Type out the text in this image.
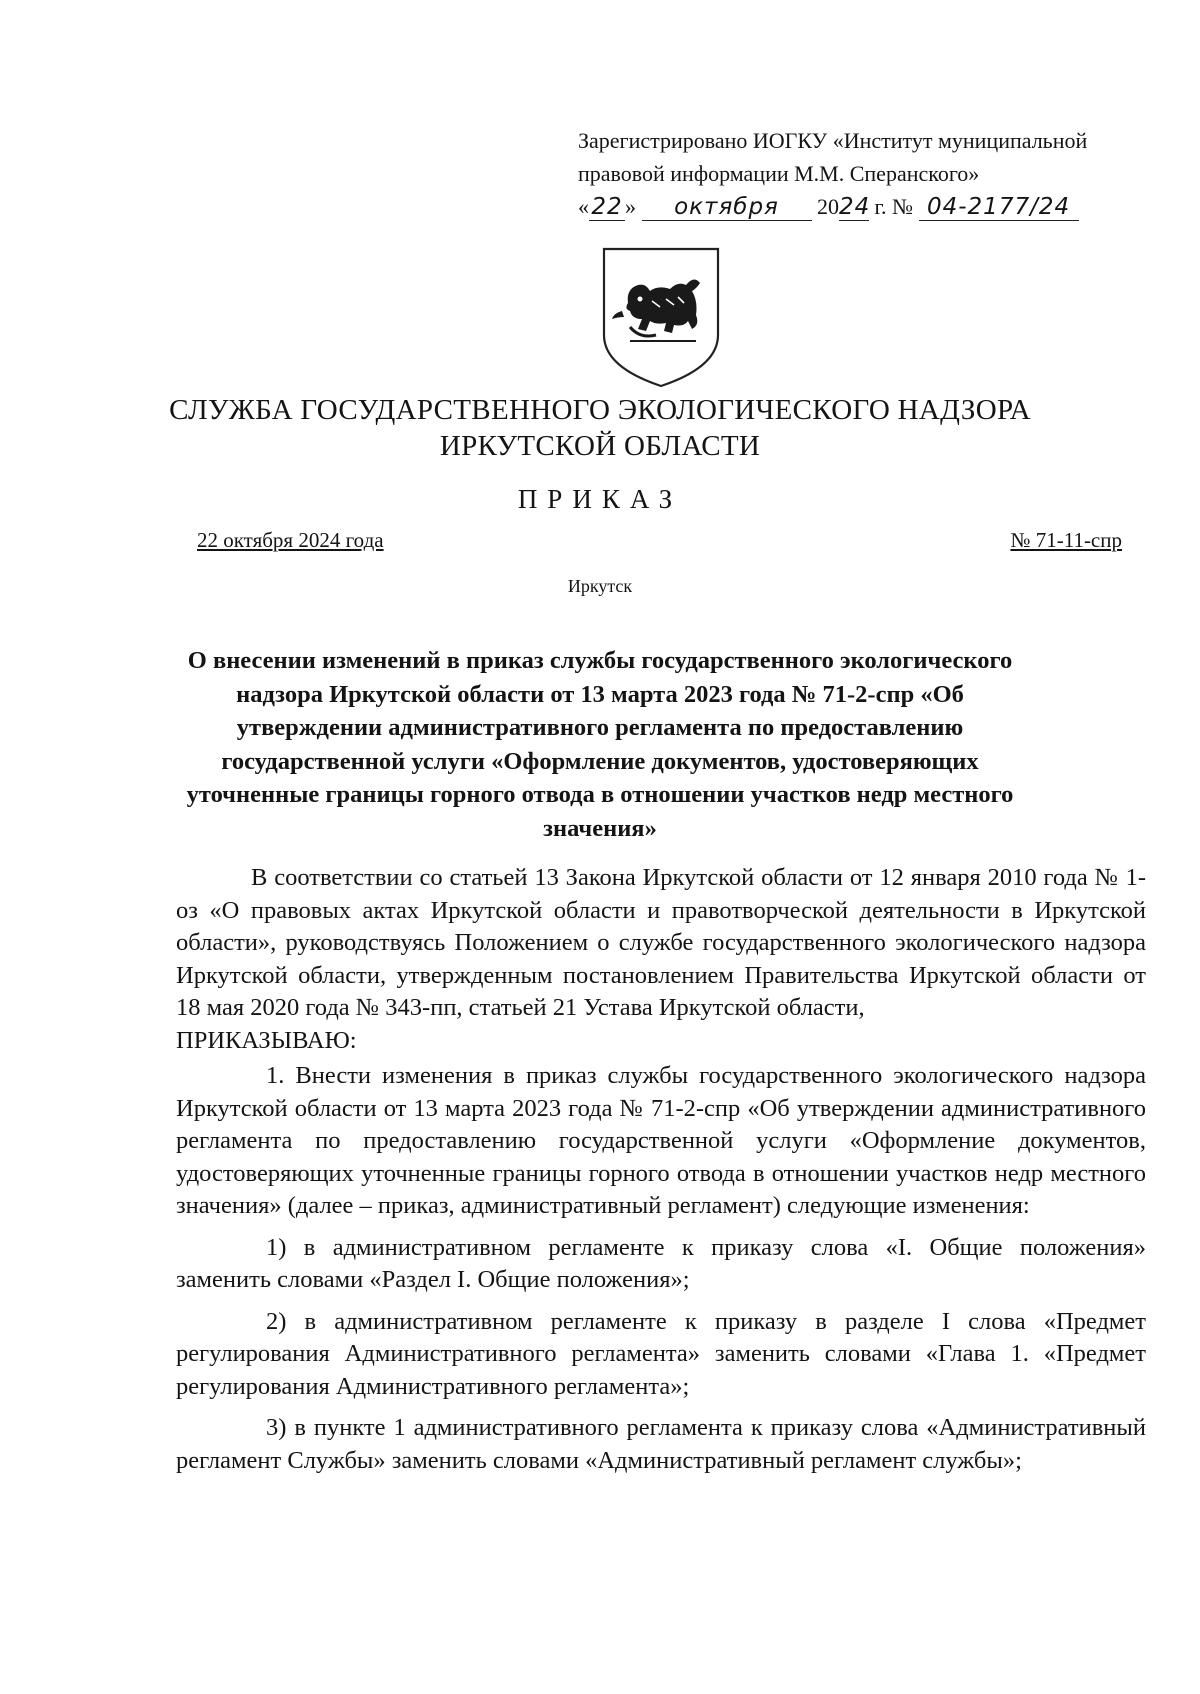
Зарегистрировано ИОГКУ «Институт муниципальной
правовой информации М.М. Сперанского»
« 22 » октября 2024 г. № 04-2177/24
СЛУЖБА ГОСУДАРСТВЕННОГО ЭКОЛОГИЧЕСКОГО НАДЗОРА
ИРКУТСКОЙ ОБЛАСТИ
ПРИКАЗ
22 октября 2024 года	№ 71-11-спр
Иркутск
О внесении изменений в приказ службы государственного экологического надзора Иркутской области от 13 марта 2023 года № 71-2-спр «Об утверждении административного регламента по предоставлению государственной услуги «Оформление документов, удостоверяющих уточненные границы горного отвода в отношении участков недр местного значения»

В соответствии со статьей 13 Закона Иркутской области от 12 января 2010 года № 1-оз «О правовых актах Иркутской области и правотворческой деятельности в Иркутской области», руководствуясь Положением о службе государственного экологического надзора Иркутской области, утвержденным постановлением Правительства Иркутской области от 18 мая 2020 года № 343-пп, статьей 21 Устава Иркутской области,

ПРИКАЗЫВАЮ:

1. Внести изменения в приказ службы государственного экологического надзора Иркутской области от 13 марта 2023 года № 71-2-спр «Об утверждении административного регламента по предоставлению государственной услуги «Оформление документов, удостоверяющих уточненные границы горного отвода в отношении участков недр местного значения» (далее – приказ, административный регламент) следующие изменения:

1) в административном регламенте к приказу слова «I. Общие положения» заменить словами «Раздел I. Общие положения»;

2) в административном регламенте к приказу в разделе I слова «Предмет регулирования Административного регламента» заменить словами «Глава 1. «Предмет регулирования Административного регламента»;

3) в пункте 1 административного регламента к приказу слова «Административный регламент Службы» заменить словами «Административный регламент службы»;
